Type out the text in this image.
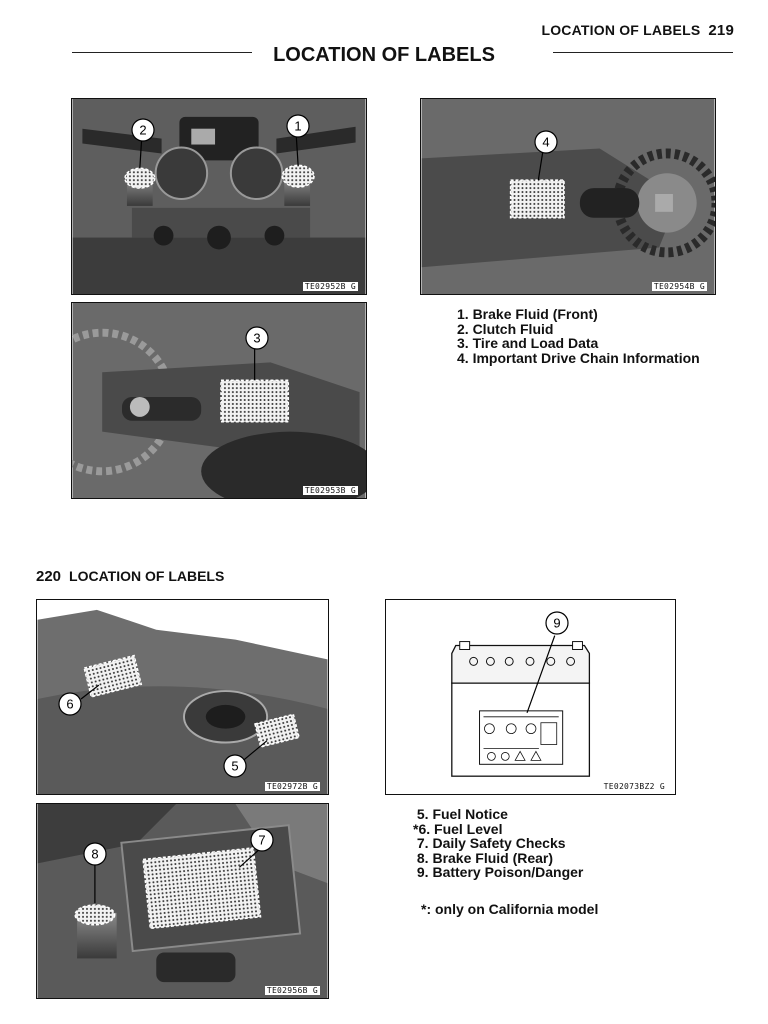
LOCATION OF LABELS 219
LOCATION OF LABELS
2	1
TE02952B G
4
TE02954B G
3
TE02953B G
1. Brake Fluid (Front)
2. Clutch Fluid
3. Tire and Load Data
4. Important Drive Chain Information
220 LOCATION OF LABELS
6
5
TE02972B G
9
TE02073BZ2 G
8
7
TE02956B G
5. Fuel Notice
*6. Fuel Level
7. Daily Safety Checks
8. Brake Fluid (Rear)
9. Battery Poison/Danger
*: only on California model
